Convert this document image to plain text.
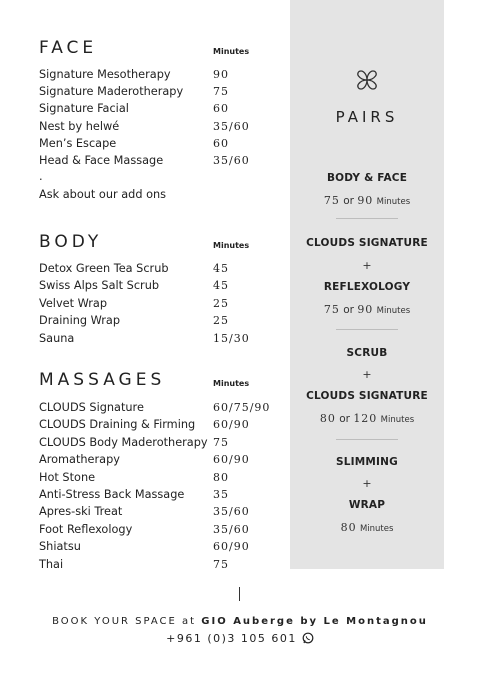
FACE	Minutes
Signature Mesotherapy	90
Signature Maderotherapy	75
Signature Facial	60
Nest by helwé	35/60
Men’s Escape	60
Head & Face Massage	35/60
.
Ask about our add ons
BODY	Minutes
Detox Green Tea Scrub	45
Swiss Alps Salt Scrub	45
Velvet Wrap	25
Draining Wrap	25
Sauna	15/30
MASSAGES	Minutes
CLOUDS Signature	60/75/90
CLOUDS Draining & Firming 60/90
CLOUDS Body Maderotherapy 75
Aromatherapy	60/90
Hot Stone	80
Anti-Stress Back Massage	35
Apres-ski Treat	35/60
Foot Reflexology	35/60
Shiatsu	60/90
Thai	75
PAIRS
BODY & FACE
75 or 90 Minutes
CLOUDS SIGNATURE
+
REFLEXOLOGY
75 or 90 Minutes
SCRUB
+
CLOUDS SIGNATURE
80 or 120 Minutes
SLIMMING
+
WRAP
80 Minutes
BOOK YOUR SPACE at GIO Auberge by Le Montagnou
+961 (0)3 105 601
